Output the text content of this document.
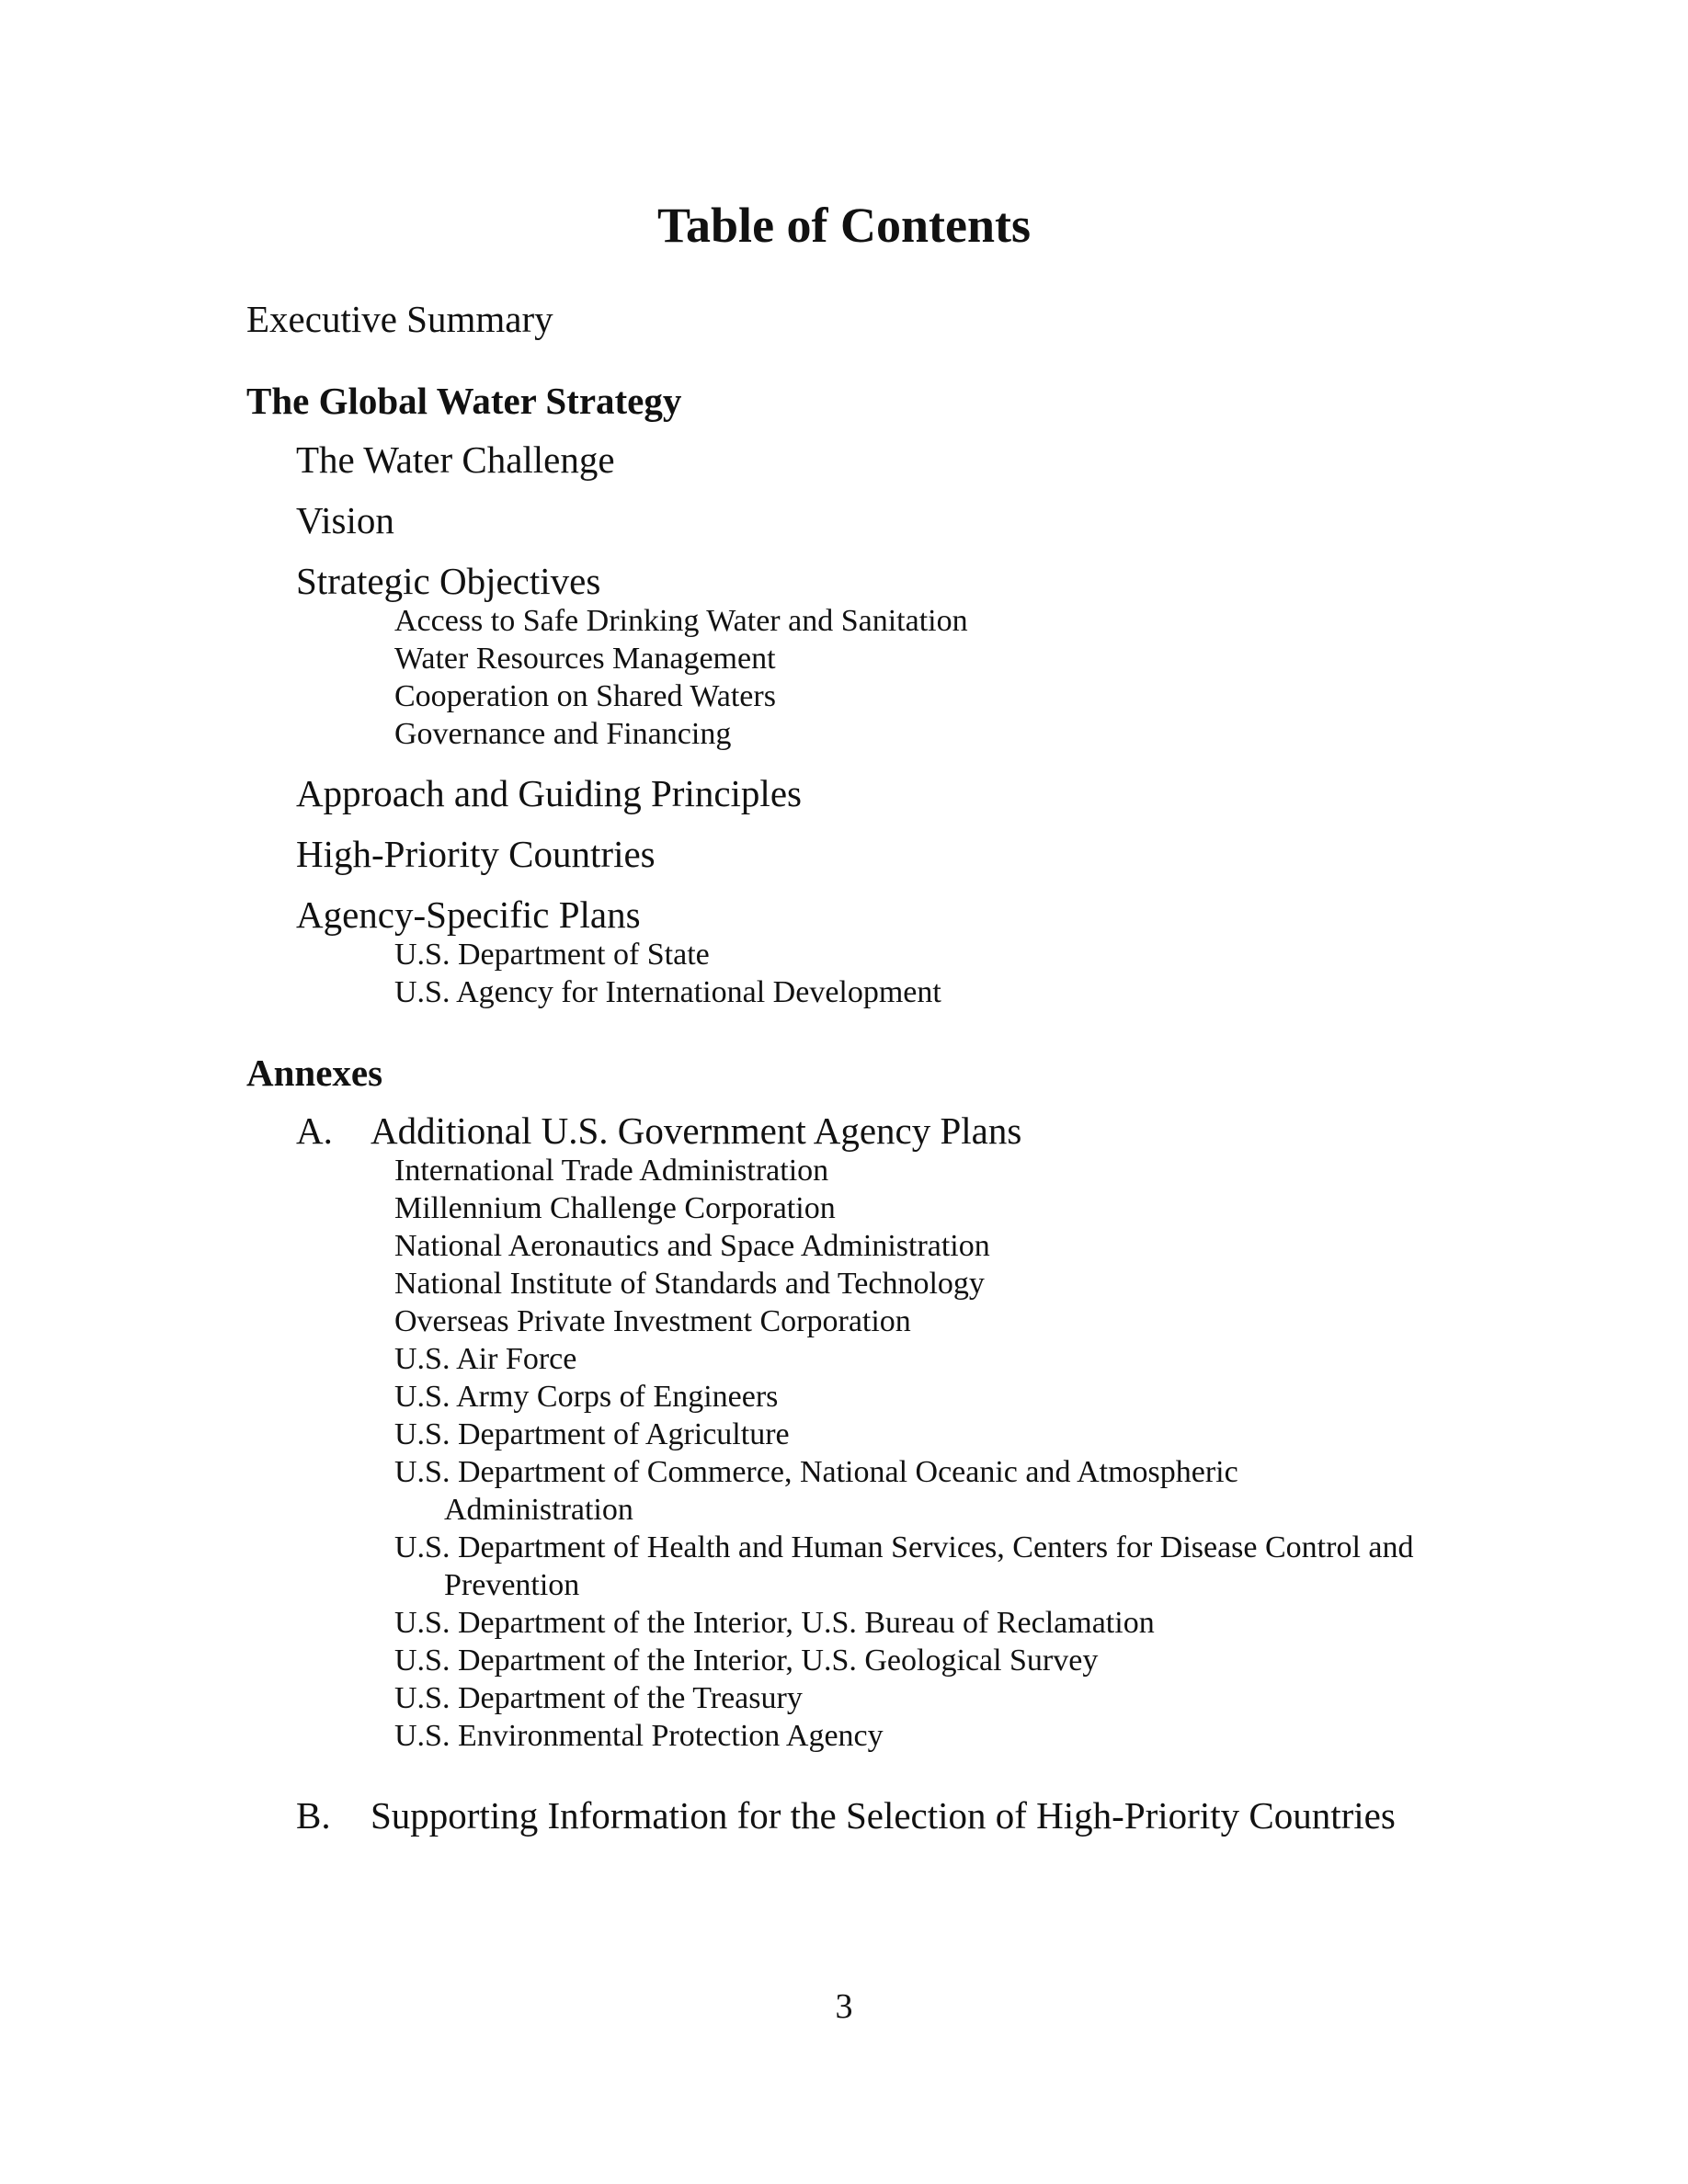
Table of Contents
Executive Summary
The Global Water Strategy
The Water Challenge
Vision
Strategic Objectives
Access to Safe Drinking Water and Sanitation
Water Resources Management
Cooperation on Shared Waters
Governance and Financing
Approach and Guiding Principles
High-Priority Countries
Agency-Specific Plans
U.S. Department of State
U.S. Agency for International Development
Annexes
A. Additional U.S. Government Agency Plans
International Trade Administration
Millennium Challenge Corporation
National Aeronautics and Space Administration
National Institute of Standards and Technology
Overseas Private Investment Corporation
U.S. Air Force
U.S. Army Corps of Engineers
U.S. Department of Agriculture
U.S. Department of Commerce, National Oceanic and Atmospheric
Administration
U.S. Department of Health and Human Services, Centers for Disease Control and
Prevention
U.S. Department of the Interior, U.S. Bureau of Reclamation
U.S. Department of the Interior, U.S. Geological Survey
U.S. Department of the Treasury
U.S. Environmental Protection Agency
B. Supporting Information for the Selection of High-Priority Countries
3
